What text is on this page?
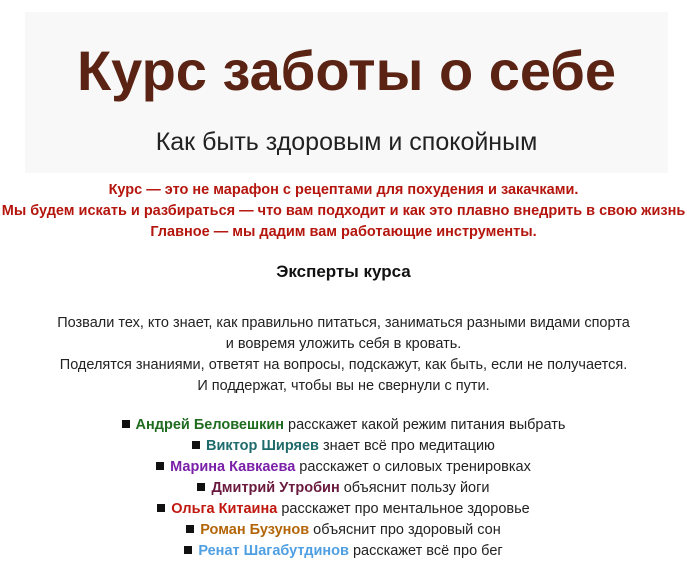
Курс заботы о себе
Как быть здоровым и спокойным
Курс — это не марафон с рецептами для похудения и закачками.
Мы будем искать и разбираться — что вам подходит и как это плавно внедрить в свою жизнь
Главное — мы дадим вам работающие инструменты.
Эксперты курса
Позвали тех, кто знает, как правильно питаться, заниматься разными видами спорта
и вовремя уложить себя в кровать.
Поделятся знаниями, ответят на вопросы, подскажут, как быть, если не получается.
И поддержат, чтобы вы не свернули с пути.
Андрей Беловешкин расскажет какой режим питания выбрать
Виктор Ширяев знает всё про медитацию
Марина Кавкаева расскажет о силовых тренировках
Дмитрий Утробин объяснит пользу йоги
Ольга Китаина расскажет про ментальное здоровье
Роман Бузунов объяснит про здоровый сон
Ренат Шагабутдинов расскажет всё про бег
